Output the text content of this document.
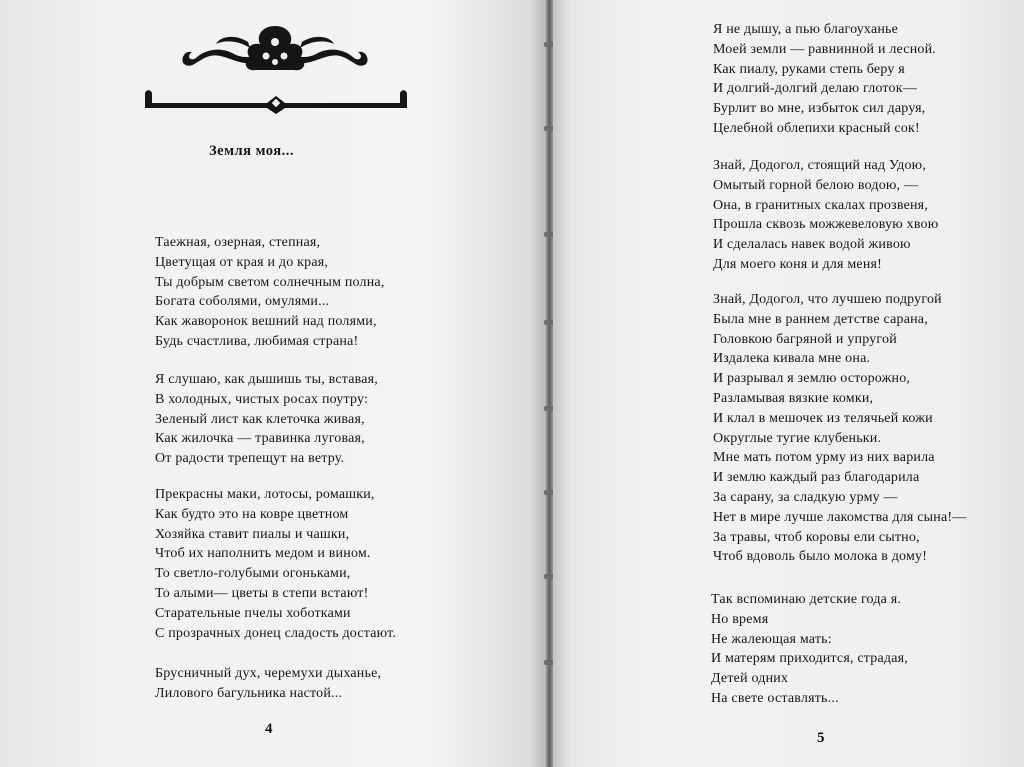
Земля моя...
Таежная, озерная, степная,
Цветущая от края и до края,
Ты добрым светом солнечным полна,
Богата соболями, омулями...
Как жаворонок вешний над полями,
Будь счастлива, любимая страна!
Я слушаю, как дышишь ты, вставая,
В холодных, чистых росах поутру:
Зеленый лист как клеточка живая,
Как жилочка — травинка луговая,
От радости трепещут на ветру.
Прекрасны маки, лотосы, ромашки,
Как будто это на ковре цветном
Хозяйка ставит пиалы и чашки,
Чтоб их наполнить медом и вином.
То светло-голубыми огоньками,
То алыми— цветы в степи встают!
Старательные пчелы хоботками
С прозрачных донец сладость достают.
Брусничный дух, черемухи дыханье,
Лилового багульника настой...
4
Я не дышу, а пью благоуханье
Моей земли — равнинной и лесной.
Как пиалу, руками степь беру я
И долгий-долгий делаю глоток—
Бурлит во мне, избыток сил даруя,
Целебной облепихи красный сок!
Знай, Додогол, стоящий над Удою,
Омытый горной белою водою, —
Она, в гранитных скалах прозвеня,
Прошла сквозь можжевеловую хвою
И сделалась навек водой живою
Для моего коня и для меня!
Знай, Додогол, что лучшею подругой
Была мне в раннем детстве сарана,
Головкою багряной и упругой
Издалека кивала мне она.
И разрывал я землю осторожно,
Разламывая вязкие комки,
И клал в мешочек из телячьей кожи
Округлые тугие клубеньки.
Мне мать потом урму из них варила
И землю каждый раз благодарила
За сарану, за сладкую урму —
Нет в мире лучше лакомства для сына!—
За травы, чтоб коровы ели сытно,
Чтоб вдоволь было молока в дому!
Так вспоминаю детские года я.
Но время
Не жалеющая мать:
И матерям приходится, страдая,
Детей одних
На свете оставлять...
5
